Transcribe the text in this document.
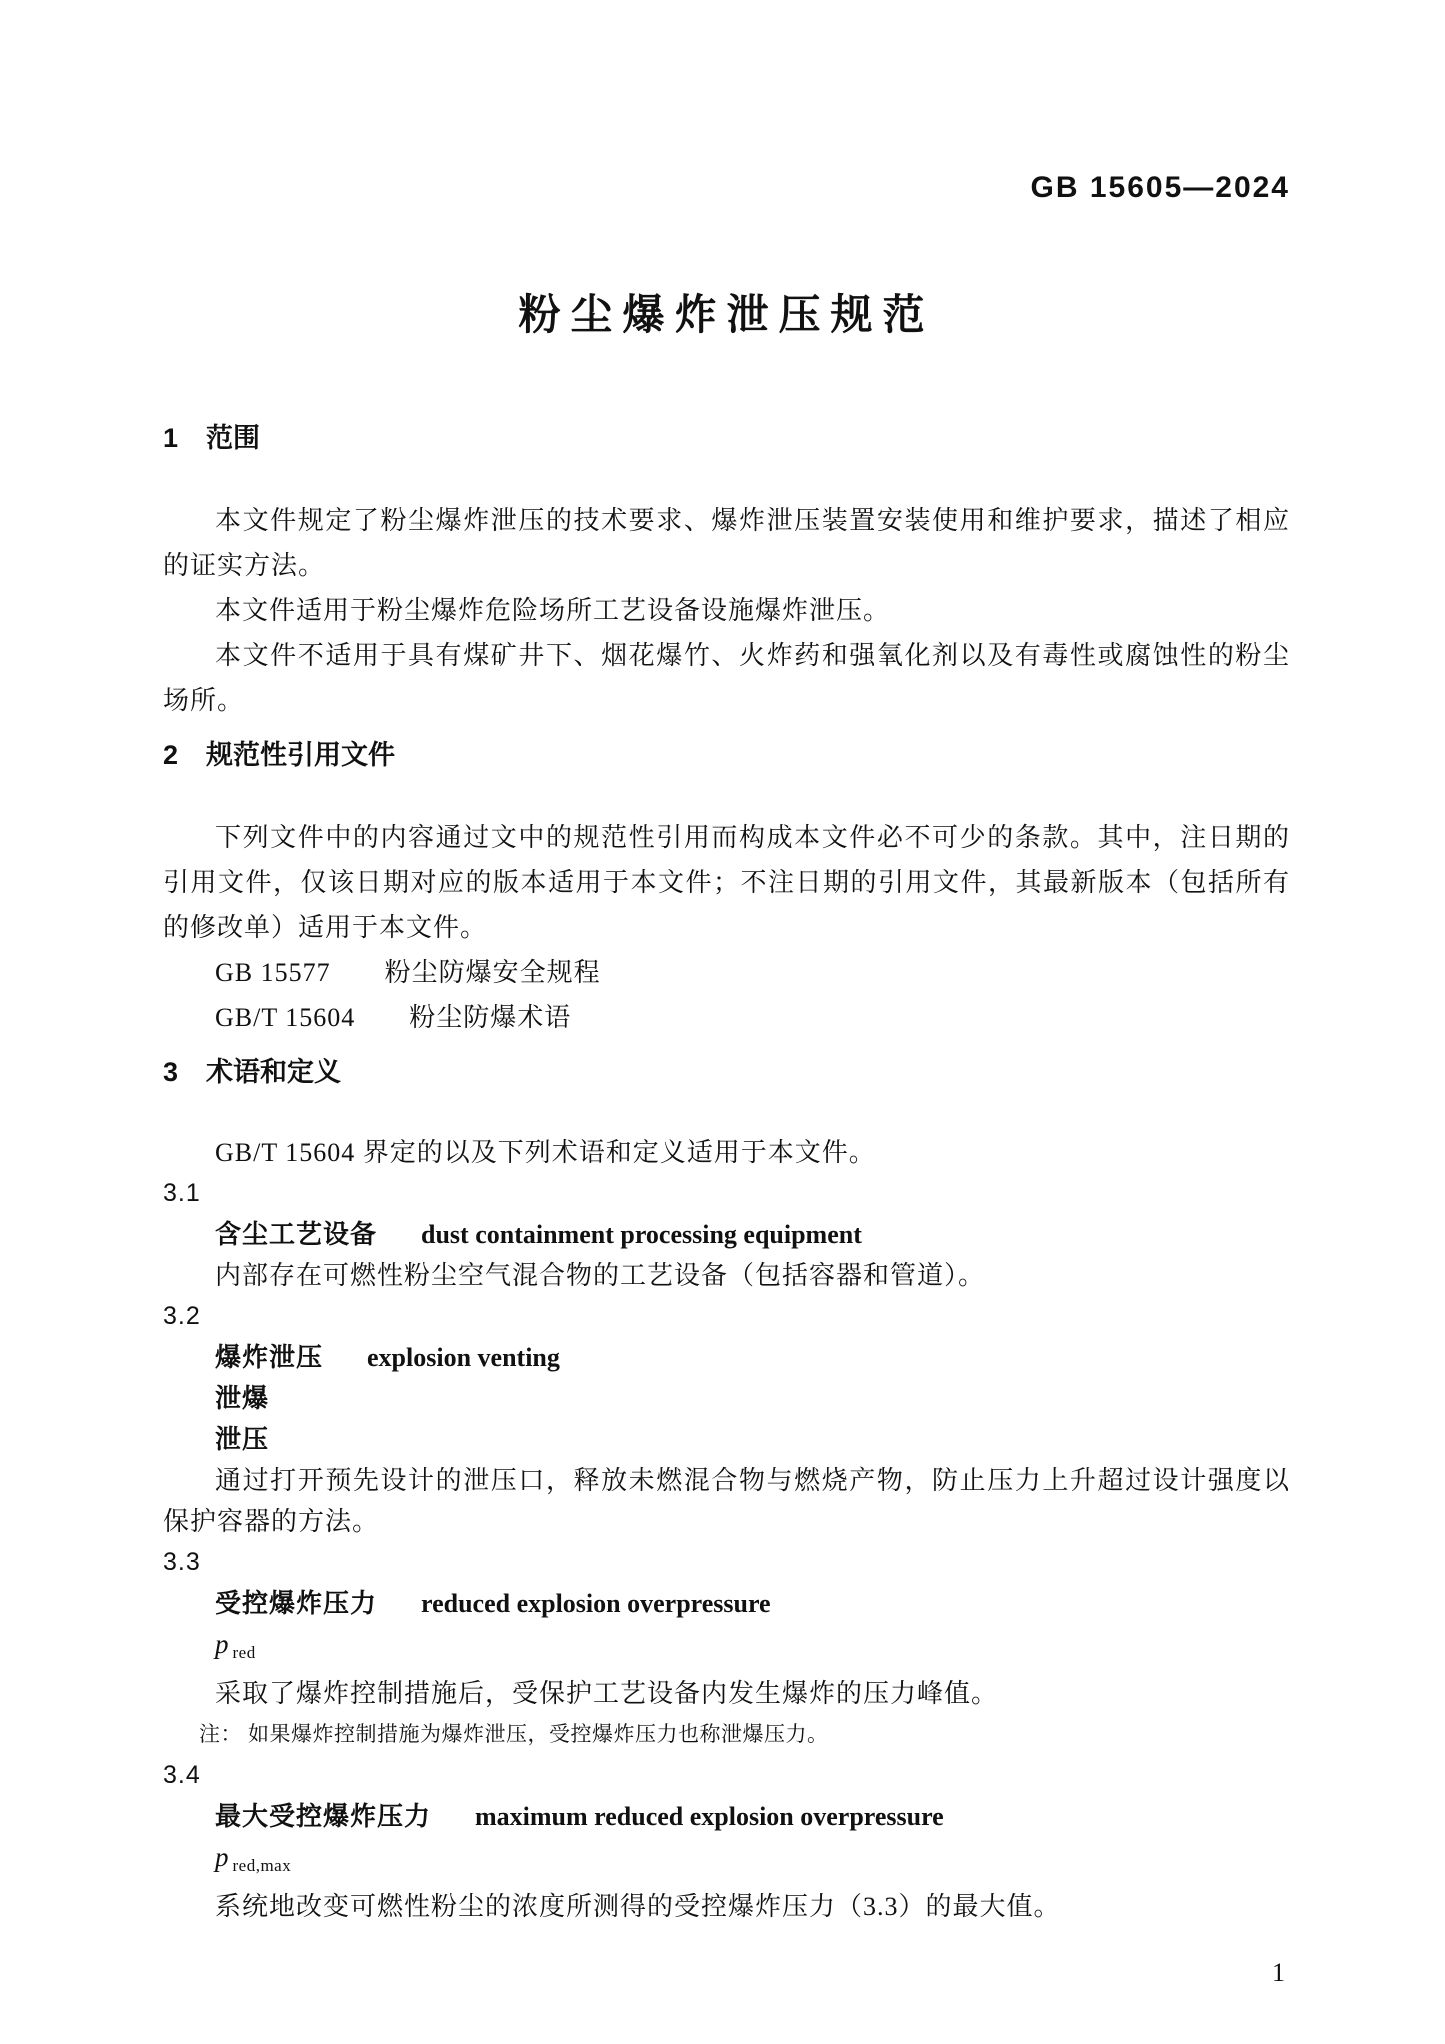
GB 15605—2024
粉尘爆炸泄压规范
1 范围

本文件规定了粉尘爆炸泄压的技术要求、爆炸泄压装置安装使用和维护要求，描述了相应的证实方法。

本文件适用于粉尘爆炸危险场所工艺设备设施爆炸泄压。

本文件不适用于具有煤矿井下、烟花爆竹、火炸药和强氧化剂以及有毒性或腐蚀性的粉尘场所。

2 规范性引用文件

下列文件中的内容通过文中的规范性引用而构成本文件必不可少的条款。其中，注日期的引用文件，仅该日期对应的版本适用于本文件；不注日期的引用文件，其最新版本（包括所有的修改单）适用于本文件。

GB 15577　　粉尘防爆安全规程

GB/T 15604　　粉尘防爆术语

3 术语和定义

GB/T 15604 界定的以及下列术语和定义适用于本文件。

3.1

含尘工艺设备 dust containment processing equipment

内部存在可燃性粉尘空气混合物的工艺设备（包括容器和管道）。

3.2

爆炸泄压 explosion venting

泄爆

泄压

通过打开预先设计的泄压口，释放未燃混合物与燃烧产物，防止压力上升超过设计强度以保护容器的方法。

3.3

受控爆炸压力 reduced explosion overpressure

pred

采取了爆炸控制措施后，受保护工艺设备内发生爆炸的压力峰值。

注： 如果爆炸控制措施为爆炸泄压，受控爆炸压力也称泄爆压力。

3.4

最大受控爆炸压力 maximum reduced explosion overpressure

pred,max

系统地改变可燃性粉尘的浓度所测得的受控爆炸压力（3.3）的最大值。

1
